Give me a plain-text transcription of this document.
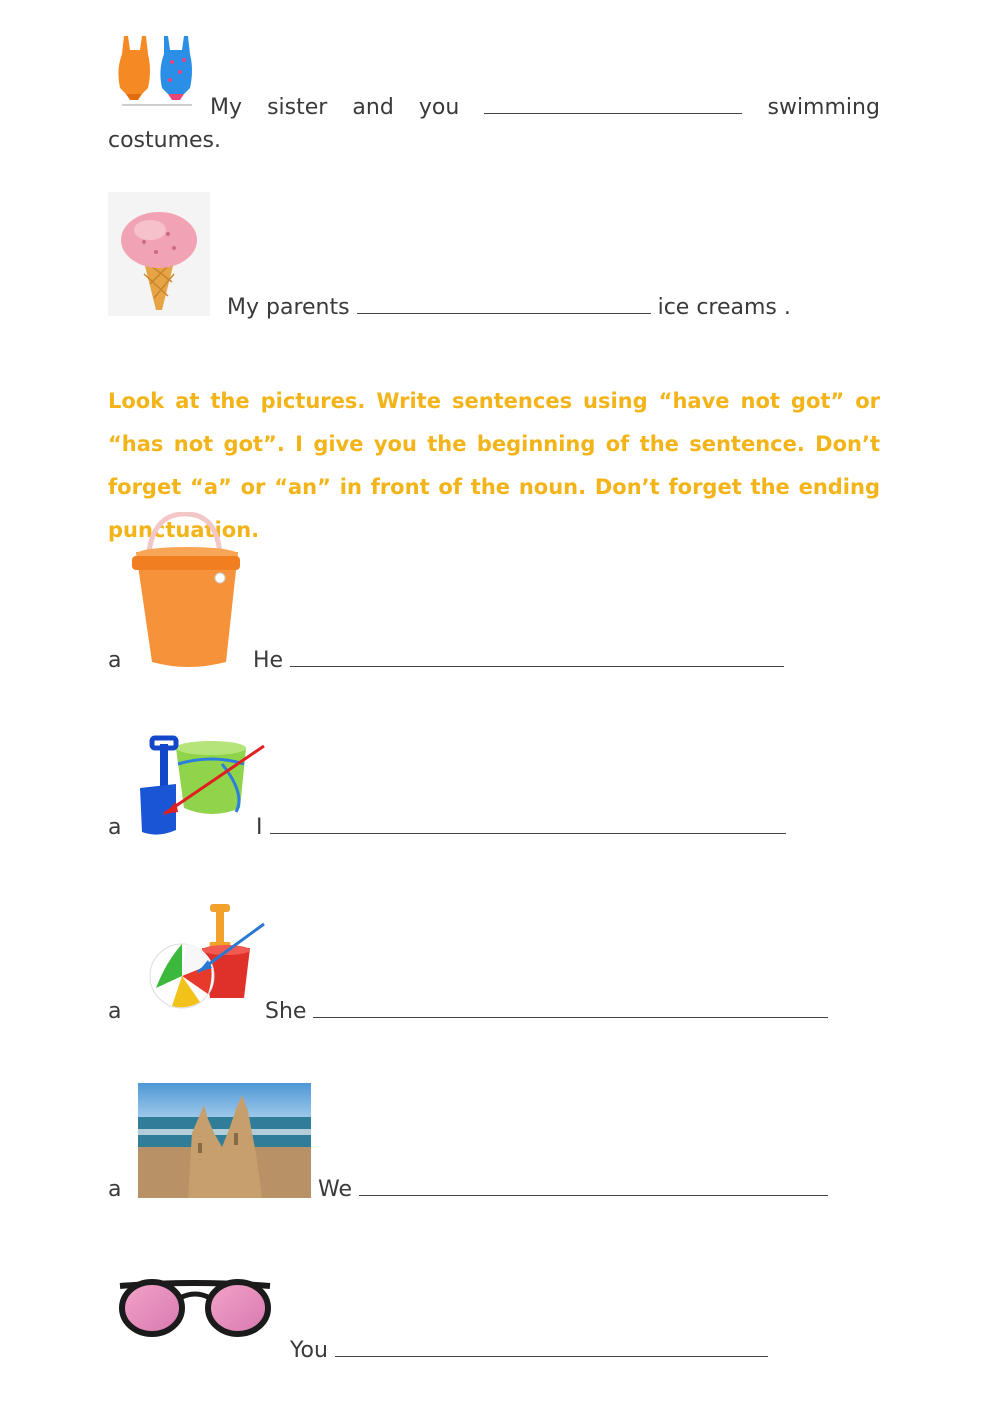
My sister and you	swimming
costumes.
My parents	ice creams .
Look at the pictures. Write sentences using “have not got” or “has not got”. I give you the beginning of the sentence. Don’t forget “a” or “an” in front of the noun. Don’t forget the ending punctuation.
a	He
a	I
a	She
a	We
You
